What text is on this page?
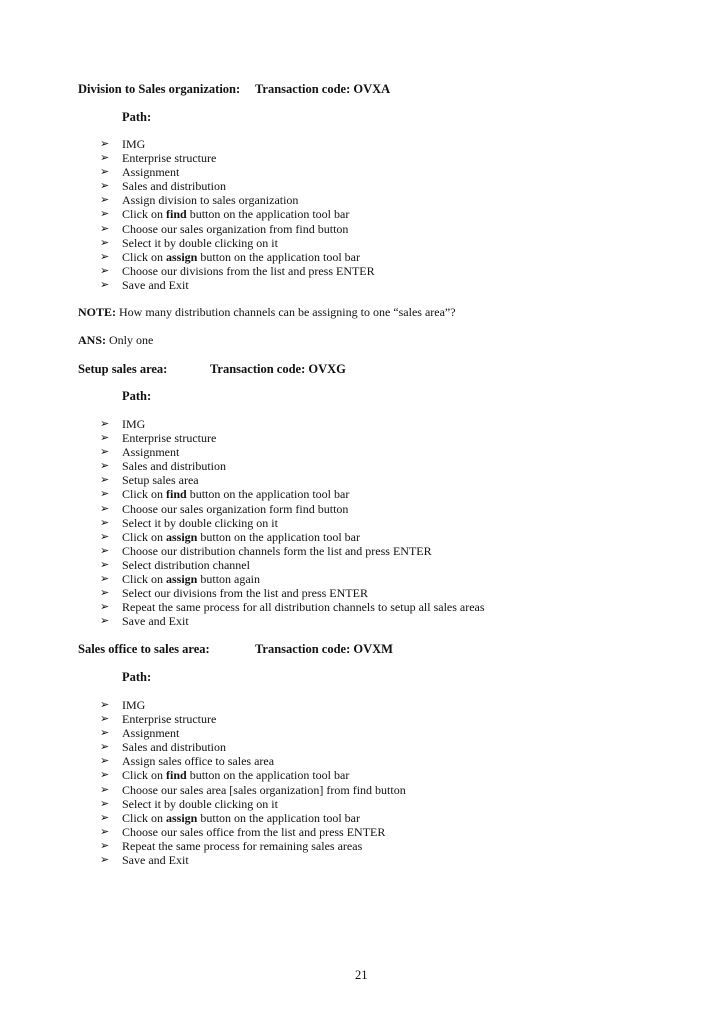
Division to Sales organization: Transaction code: OVXA
Path:
➢ IMG
➢ Enterprise structure
➢ Assignment
➢ Sales and distribution
➢ Assign division to sales organization
➢ Click on find button on the application tool bar
➢ Choose our sales organization from find button
➢ Select it by double clicking on it
➢ Click on assign button on the application tool bar
➢ Choose our divisions from the list and press ENTER
➢ Save and Exit
NOTE: How many distribution channels can be assigning to one “sales area”?
ANS: Only one
Setup sales area:	Transaction code: OVXG
Path:
➢ IMG
➢ Enterprise structure
➢ Assignment
➢ Sales and distribution
➢ Setup sales area
➢ Click on find button on the application tool bar
➢ Choose our sales organization form find button
➢ Select it by double clicking on it
➢ Click on assign button on the application tool bar
➢ Choose our distribution channels form the list and press ENTER
➢ Select distribution channel
➢ Click on assign button again
➢ Select our divisions from the list and press ENTER
➢ Repeat the same process for all distribution channels to setup all sales areas
➢ Save and Exit
Sales office to sales area:	Transaction code: OVXM
Path:
➢ IMG
➢ Enterprise structure
➢ Assignment
➢ Sales and distribution
➢ Assign sales office to sales area
➢ Click on find button on the application tool bar
➢ Choose our sales area [sales organization] from find button
➢ Select it by double clicking on it
➢ Click on assign button on the application tool bar
➢ Choose our sales office from the list and press ENTER
➢ Repeat the same process for remaining sales areas
➢ Save and Exit
21
